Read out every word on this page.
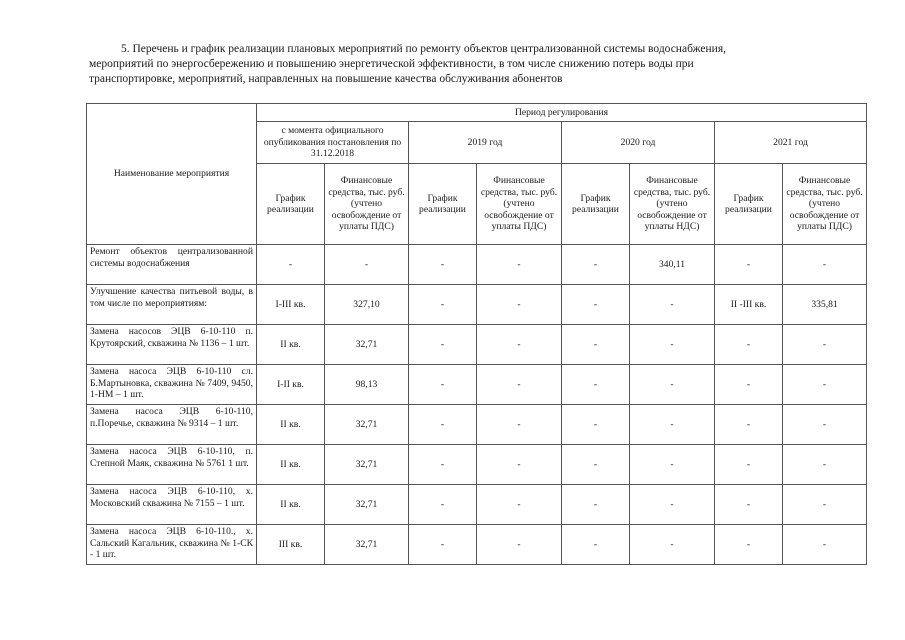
5. Перечень и график реализации плановых мероприятий по ремонту объектов централизованной системы водоснабжения,
мероприятий по энергосбережению и повышению энергетической эффективности, в том числе снижению потерь воды при
транспортировке, мероприятий, направленных на повышение качества обслуживания абонентов
Наименование мероприятия	Период регулирования							
	с момента официального опубликования постановления по 31.12.2018		2019 год		2020 год		2021 год	
	График реализации	Финансовые средства, тыс. руб. (учтено освобождение от уплаты ПДС)	График реализации	Финансовые средства, тыс. руб. (учтено освобождение от уплаты ПДС)	График реализации	Финансовые средства, тыс. руб. (учтено освобождение от уплаты НДС)	График реализации	Финансовые средства, тыс. руб. (учтено освобождение от уплаты ПДС)
Ремонт объектов централизованной системы водоснабжения	-	-	-	-	-	340,11	-	-
Улучшение качества питьевой воды, в том числе по мероприятиям:	I-III кв.	327,10	-	-	-	-	II -III кв.	335,81
Замена насосов ЭЦВ 6-10-110 п. Крутоярский, скважина № 1136 – 1 шт.	II кв.	32,71	-	-	-	-	-	-
Замена насоса ЭЦВ 6-10-110 сл. Б.Мартыновка, скважина № 7409, 9450, 1-НМ – 1 шт.	I-II кв.	98,13	-	-	-	-	-	-
Замена насоса ЭЦВ 6-10-110, п.Поречье, скважина № 9314 – 1 шт.	II кв.	32,71	-	-	-	-	-	-
Замена насоса ЭЦВ 6-10-110, п. Степной Маяк, скважина № 5761 1 шт.	II кв.	32,71	-	-	-	-	-	-
Замена насоса ЭЦВ 6-10-110, х. Московский скважина № 7155 – 1 шт.	II кв.	32,71	-	-	-	-	-	-
Замена насоса ЭЦВ 6-10-110., х. Сальский Кагальник, скважина № 1-СК - 1 шт.	III кв.	32,71	-	-	-	-	-	-
